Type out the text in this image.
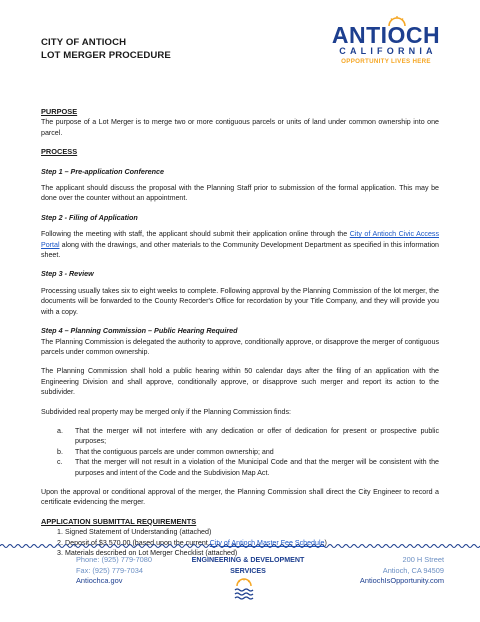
CITY OF ANTIOCH
LOT MERGER PROCEDURE
ANTI
OCH
CALIFORNIA
OPPORTUNITY LIVES HERE
PURPOSE

The purpose of a Lot Merger is to merge two or more contiguous parcels or units of land under common ownership into one parcel.

PROCESS
Step 1 – Pre-application Conference

The applicant should discuss the proposal with the Planning Staff prior to submission of the formal application. This may be done over the counter without an appointment.

Step 2 - Filing of Application

Following the meeting with staff, the applicant should submit their application online through the City of Antioch Civic Access Portal along with the drawings, and other materials to the Community Development Department as specified in this information sheet.

Step 3 - Review

Processing usually takes six to eight weeks to complete. Following approval by the Planning Commission of the lot merger, the documents will be forwarded to the County Recorder's Office for recordation by your Title Company, and they will provide you with a copy.

Step 4 – Planning Commission – Public Hearing Required

The Planning Commission is delegated the authority to approve, conditionally approve, or disapprove the merger of contiguous parcels under common ownership.

The Planning Commission shall hold a public hearing within 50 calendar days after the filing of an application with the Engineering Division and shall approve, conditionally approve, or disapprove such merger and report its action to the subdivider.

Subdivided real property may be merged only if the Planning Commission finds:

a.	That the merger will not interfere with any dedication or offer of dedication for present or prospective public purposes;
b.	That the contiguous parcels are under common ownership; and
c.	That the merger will not result in a violation of the Municipal Code and that the merger will be consistent with the purposes and intent of the Code and the Subdivision Map Act.

Upon the approval or conditional approval of the merger, the Planning Commission shall direct the City Engineer to record a certificate evidencing the merger.

APPLICATION SUBMITTAL REQUIREMENTS
1. Signed Statement of Understanding (attached)
2. Deposit of $3,570.00 (based upon the current City of Antioch Master Fee Schedule)
3. Materials described on Lot Merger Checklist (attached)
Phone: (925) 779-7080
Fax: (925) 779-7034
Antiochca.gov
ENGINEERING & DEVELOPMENT SERVICES
200 H Street
Antioch, CA 94509
AntiochIsOpportunity.com
